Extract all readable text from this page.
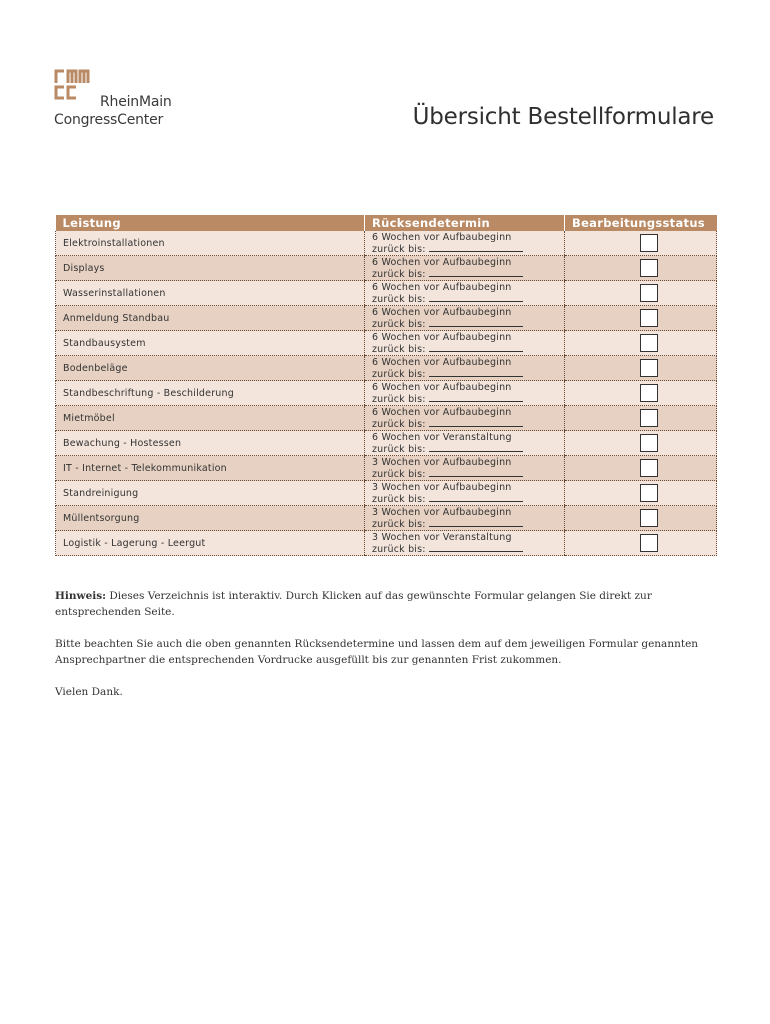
RheinMain
CongressCenter	Übersicht Bestellformulare
Leistung	Rücksendetermin	Bearbeitungsstatus
Elektroinstallationen	6 Wochen vor Aufbaubeginn
zurück bis:	

Displays	6 Wochen vor Aufbaubeginn
zurück bis:	

Wasserinstallationen	6 Wochen vor Aufbaubeginn
zurück bis:	

Anmeldung Standbau	6 Wochen vor Aufbaubeginn
zurück bis:	

Standbausystem	6 Wochen vor Aufbaubeginn
zurück bis:	

Bodenbeläge	6 Wochen vor Aufbaubeginn
zurück bis:	

Standbeschriftung - Beschilderung	6 Wochen vor Aufbaubeginn
zurück bis:	

Mietmöbel	6 Wochen vor Aufbaubeginn
zurück bis:	

Bewachung - Hostessen	6 Wochen vor Veranstaltung
zurück bis:	

IT - Internet - Telekommunikation	3 Wochen vor Aufbaubeginn
zurück bis:	

Standreinigung	3 Wochen vor Aufbaubeginn
zurück bis:	

Müllentsorgung	3 Wochen vor Aufbaubeginn
zurück bis:	

Logistik - Lagerung - Leergut	3 Wochen vor Veranstaltung
zurück bis:	

Hinweis: Dieses Verzeichnis ist interaktiv. Durch Klicken auf das gewünschte Formular gelangen Sie direkt zur entsprechenden Seite.

Bitte beachten Sie auch die oben genannten Rücksendetermine und lassen dem auf dem jeweiligen Formular genannten Ansprechpartner die entsprechenden Vordrucke ausgefüllt bis zur genannten Frist zukommen.

Vielen Dank.
